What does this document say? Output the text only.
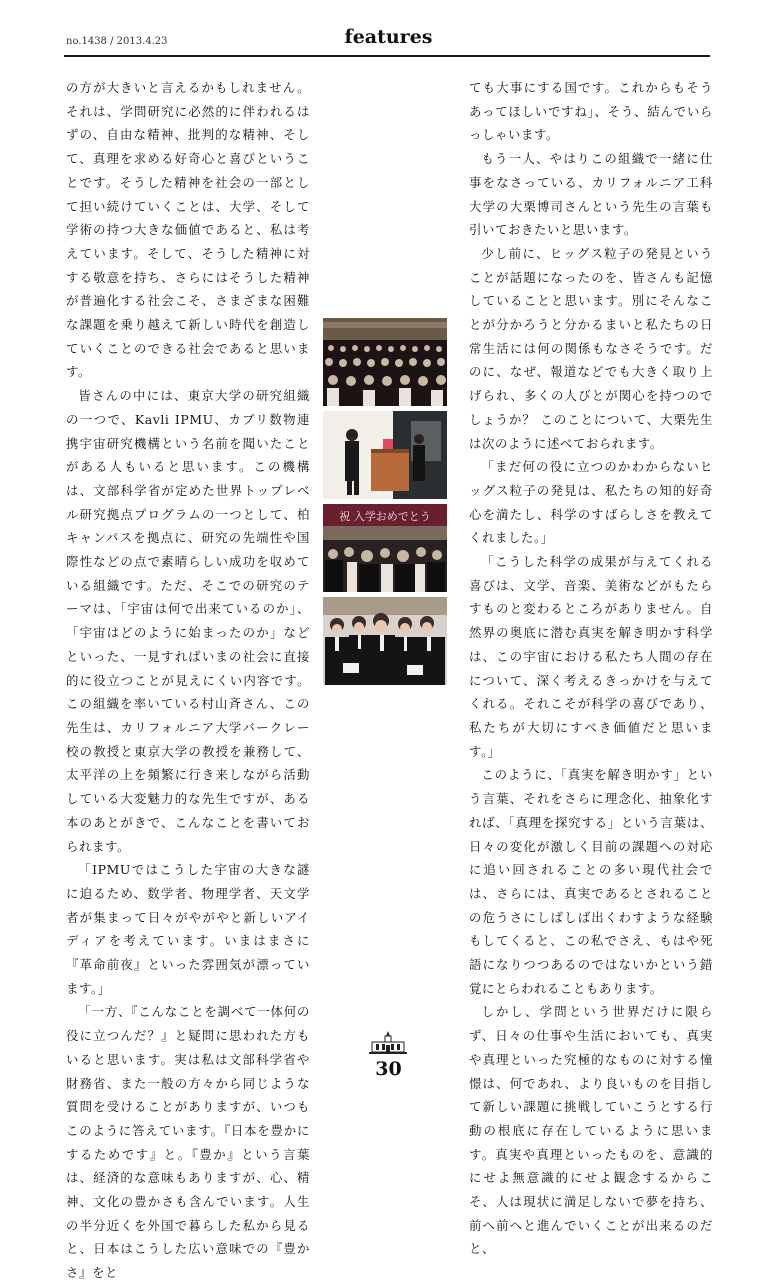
no.1438 / 2013.4.23	features

の方が大きいと言えるかもしれません。それは、学問研究に必然的に伴われるはずの、自由な精神、批判的な精神、そして、真理を求める好奇心と喜びということです。そうした精神を社会の一部として担い続けていくことは、大学、そして学術の持つ大きな価値であると、私は考えています。そして、そうした精神に対する敬意を持ち、さらにはそうした精神が普遍化する社会こそ、さまざまな困難な課題を乗り越えて新しい時代を創造していくことのできる社会であると思います。

皆さんの中には、東京大学の研究組織の一つで、Kavli IPMU、カブリ数物連携宇宙研究機構という名前を聞いたことがある人もいると思います。この機構は、文部科学省が定めた世界トップレベル研究拠点プログラムの一つとして、柏キャンパスを拠点に、研究の先端性や国際性などの点で素晴らしい成功を収めている組織です。ただ、そこでの研究のテーマは、「宇宙は何で出来ているのか」、「宇宙はどのように始まったのか」などといった、一見すればいまの社会に直接的に役立つことが見えにくい内容です。この組織を率いている村山斉さん、この先生は、カリフォルニア大学バークレー校の教授と東京大学の教授を兼務して、太平洋の上を頻繁に行き来しながら活動している大変魅力的な先生ですが、ある本のあとがきで、こんなことを書いておられます。

「IPMUではこうした宇宙の大きな謎に迫るため、数学者、物理学者、天文学者が集まって日々がやがやと新しいアイディアを考えています。いまはまさに『革命前夜』といった雰囲気が漂っています。」

「一方、『こんなことを調べて一体何の役に立つんだ？』と疑問に思われた方もいると思います。実は私は文部科学省や財務省、また一般の方々から同じような質問を受けることがありますが、いつもこのように答えています。『日本を豊かにするためです』と。『豊か』という言葉は、経済的な意味もありますが、心、精神、文化の豊かさも含んでいます。人生の半分近くを外国で暮らした私から見ると、日本はこうした広い意味での『豊かさ』をと

祝 入学おめでとう

ても大事にする国です。これからもそうあってほしいですね」、そう、結んでいらっしゃいます。

もう一人、やはりこの組織で一緒に仕事をなさっている、カリフォルニア工科大学の大栗博司さんという先生の言葉も引いておきたいと思います。

少し前に、ヒッグス粒子の発見ということが話題になったのを、皆さんも記憶していることと思います。別にそんなことが分かろうと分かるまいと私たちの日常生活には何の関係もなさそうです。だのに、なぜ、報道などでも大きく取り上げられ、多くの人びとが関心を持つのでしょうか？ このことについて、大栗先生は次のように述べておられます。

「まだ何の役に立つのかわからないヒッグス粒子の発見は、私たちの知的好奇心を満たし、科学のすばらしさを教えてくれました。」

「こうした科学の成果が与えてくれる喜びは、文学、音楽、美術などがもたらすものと変わるところがありません。自然界の奥底に潜む真実を解き明かす科学は、この宇宙における私たち人間の存在について、深く考えるきっかけを与えてくれる。それこそが科学の喜びであり、私たちが大切にすべき価値だと思います。」

このように、「真実を解き明かす」という言葉、それをさらに理念化、抽象化すれば、「真理を探究する」という言葉は、日々の変化が激しく目前の課題への対応に追い回されることの多い現代社会では、さらには、真実であるとされることの危うさにしばしば出くわすような経験もしてくると、この私でさえ、もはや死語になりつつあるのではないかという錯覚にとらわれることもあります。

しかし、学問という世界だけに限らず、日々の仕事や生活においても、真実や真理といった究極的なものに対する憧憬は、何であれ、より良いものを目指して新しい課題に挑戦していこうとする行動の根底に存在しているように思います。真実や真理といったものを、意識的にせよ無意識的にせよ観念するからこそ、人は現状に満足しないで夢を持ち、前へ前へと進んでいくことが出来るのだと、

30
